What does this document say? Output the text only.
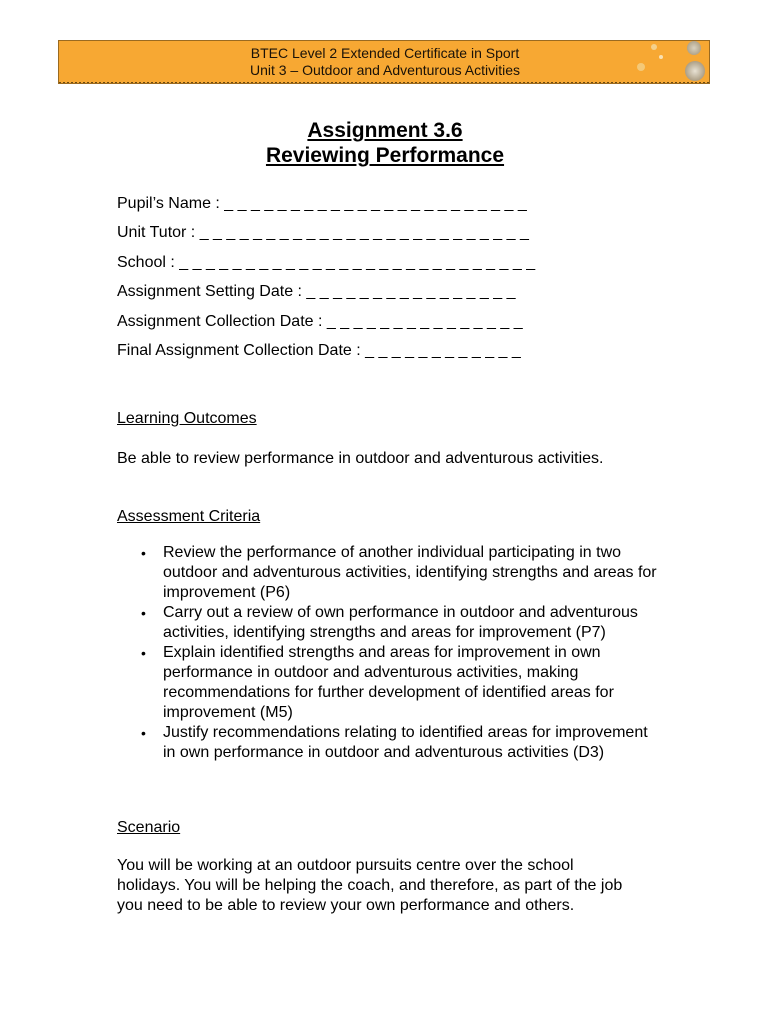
BTEC Level 2 Extended Certificate in Sport
Unit 3 – Outdoor and Adventurous Activities
Assignment 3.6
Reviewing Performance
Pupil’s Name : _ _ _ _ _ _ _ _ _ _ _ _ _ _ _ _ _ _ _ _ _ _ _
Unit Tutor : _ _ _ _ _ _ _ _ _ _ _ _ _ _ _ _ _ _ _ _ _ _ _ _ _
School : _ _ _ _ _ _ _ _ _ _ _ _ _ _ _ _ _ _ _ _ _ _ _ _ _ _ _
Assignment Setting Date : _ _ _ _ _ _ _ _ _ _ _ _ _ _ _ _
Assignment Collection Date : _ _ _ _ _ _ _ _ _ _ _ _ _ _ _
Final Assignment Collection Date : _ _ _ _ _ _ _ _ _ _ _ _
Learning Outcomes
Be able to review performance in outdoor and adventurous activities.
Assessment Criteria
• Review the performance of another individual participating in two outdoor and adventurous activities, identifying strengths and areas for improvement (P6)
• Carry out a review of own performance in outdoor and adventurous activities, identifying strengths and areas for improvement (P7)
• Explain identified strengths and areas for improvement in own performance in outdoor and adventurous activities, making recommendations for further development of identified areas for improvement (M5)
• Justify recommendations relating to identified areas for improvement in own performance in outdoor and adventurous activities (D3)
Scenario
You will be working at an outdoor pursuits centre over the school holidays. You will be helping the coach, and therefore, as part of the job you need to be able to review your own performance and others.
